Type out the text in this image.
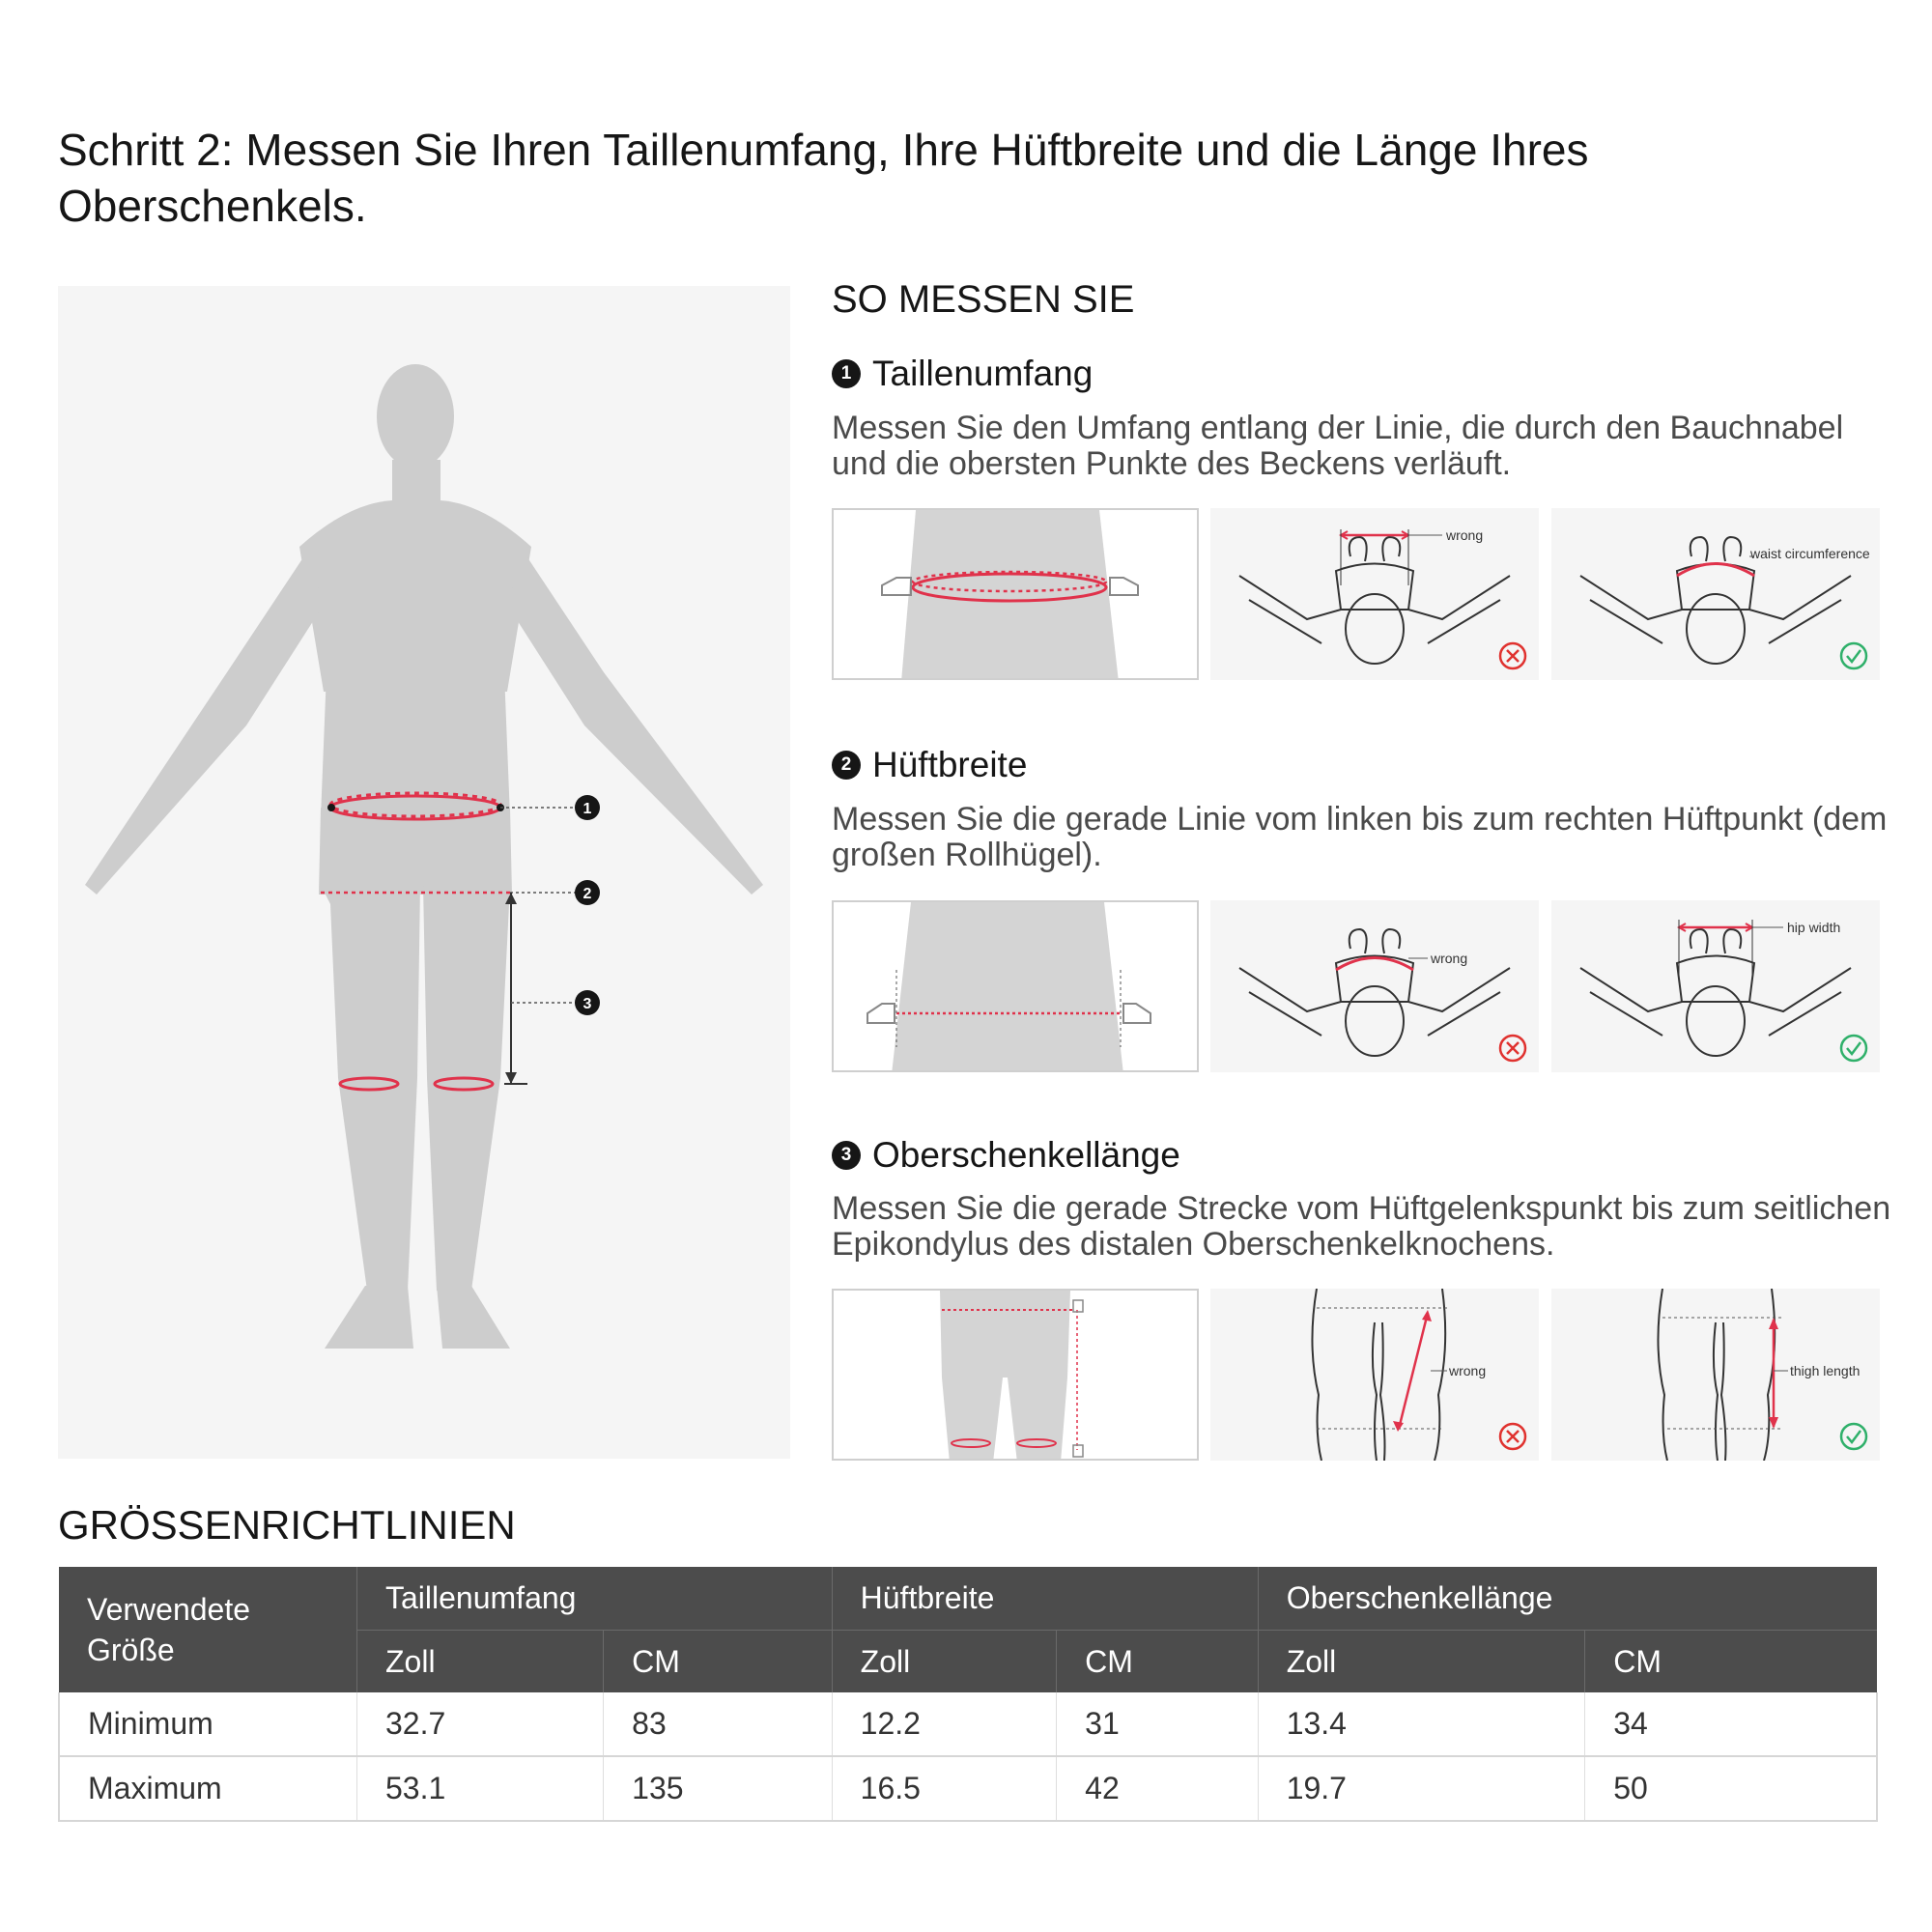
Schritt 2: Messen Sie Ihren Taillenumfang, Ihre Hüftbreite und die Länge Ihres Oberschenkels.
1
2
3
SO MESSEN SIE
1 Taillenumfang
Messen Sie den Umfang entlang der Linie, die durch den Bauchnabel und die obersten Punkte des Beckens verläuft.
wrong
waist circumference
2 Hüftbreite
Messen Sie die gerade Linie vom linken bis zum rechten Hüftpunkt (dem großen Rollhügel).
wrong
hip width
3 Oberschenkellänge
Messen Sie die gerade Strecke vom Hüftgelenkspunkt bis zum seitlichen Epikondylus des distalen Oberschenkelknochens.
wrong	thigh length
GRÖSSENRICHTLINIEN
Verwendete Größe	Taillenumfang		Hüftbreite		Oberschenkellänge	
	Zoll	CM	Zoll	CM	Zoll	CM
Minimum	32.7	83	12.2	31	13.4	34
Maximum	53.1	135	16.5	42	19.7	50
